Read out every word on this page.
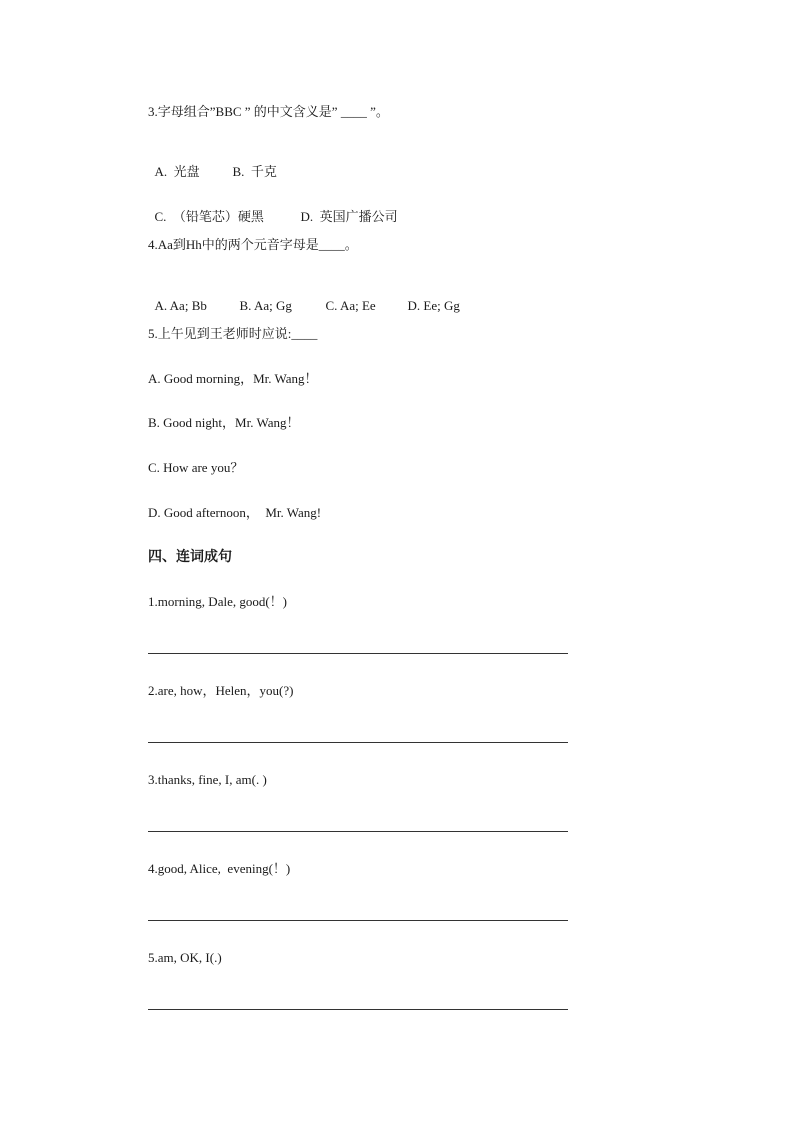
3.字母组合”BBC ” 的中文含义是” ____ ”。

A.  光盘	B.  千克

C.  （铅笔芯）硬黑	D.  英国广播公司

4.Aa到Hh中的两个元音字母是____。

A. Aa; Bb	B. Aa; Gg	C. Aa; Ee D. Ee; Gg

5.上午见到王老师时应说:____
A. Good morning，Mr. Wang！
B. Good night，Mr. Wang！
C. How are you？
D. Good afternoon，  Mr. Wang!
四、连词成句
1.morning, Dale, good(！)
2.are, how，Helen，you(?)
3.thanks, fine, I, am(. )
4.good, Alice,  evening(！)
5.am, OK, I(.)
